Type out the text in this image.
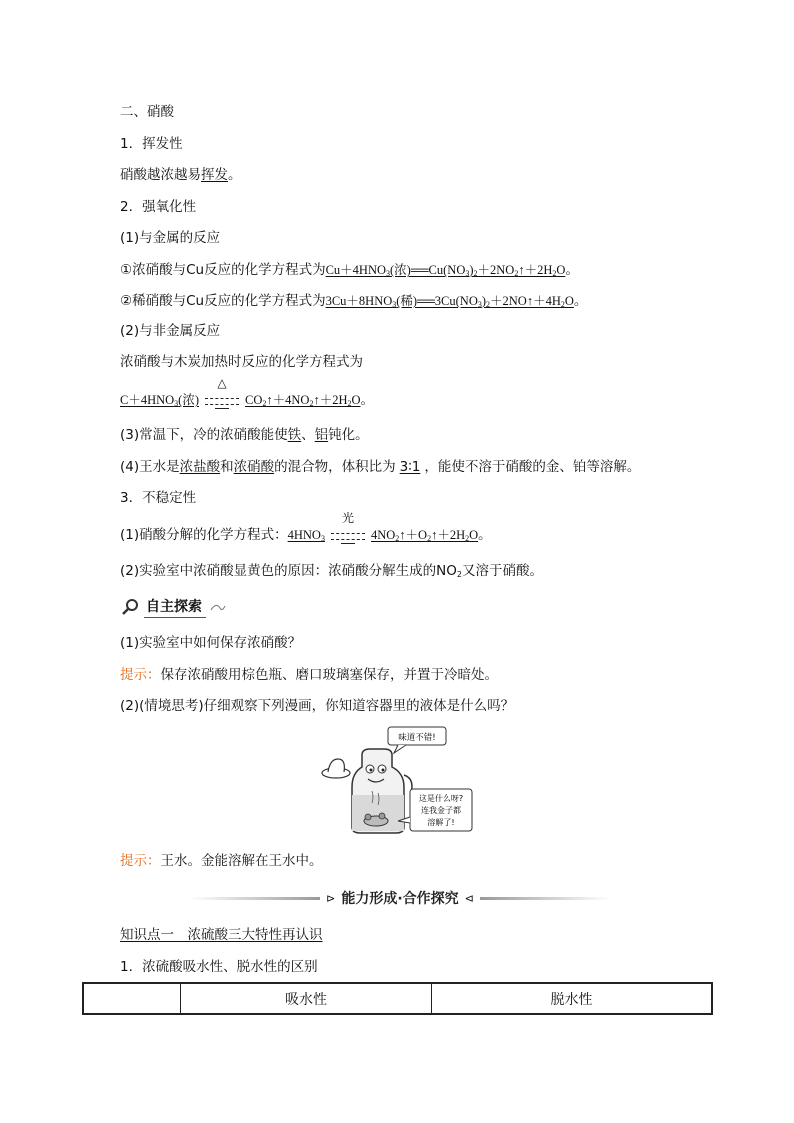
二、硝酸
1．挥发性
硝酸越浓越易挥发。
2．强氧化性
(1)与金属的反应
①浓硝酸与Cu反应的化学方程式为$Cu+4HNO_3$(浓)$══Cu(NO_3)_2+2NO_2↑+2H_2O$。
②稀硝酸与Cu反应的化学方程式为$3Cu+8HNO_3$(稀)$══3Cu(NO_3)_2+2NO↑+4H_2O$。
(2)与非金属反应
浓硝酸与木炭加热时反应的化学方程式为
$C+4HNO_3$(浓)
△
$CO_2↑+4NO_2↑+2H_2O$。
(3)常温下，冷的浓硝酸能使铁、铝钝化。
(4)王水是浓盐酸和浓硝酸的混合物，体积比为 3∶1 ，能使不溶于硝酸的金、铂等溶解。
3．不稳定性
(1)硝酸分解的化学方程式：$4HNO_3$
光
$4NO_2↑+O_2↑+2H_2O$。
(2)实验室中浓硝酸显黄色的原因：浓硝酸分解生成的$NO_2$又溶于硝酸。
自主探索
(1)实验室中如何保存浓硝酸？
提示：保存浓硝酸用棕色瓶、磨口玻璃塞保存，并置于冷暗处。
(2)(情境思考)仔细观察下列漫画，你知道容器里的液体是什么吗？
味道不错!
这是什么呀?
连我金子都
溶解了!
提示：王水。金能溶解在王水中。
⊳ 能力形成·合作探究 ⊲
知识点一　浓硫酸三大特性再认识
1．浓硫酸吸水性、脱水性的区别
	吸水性	脱水性
